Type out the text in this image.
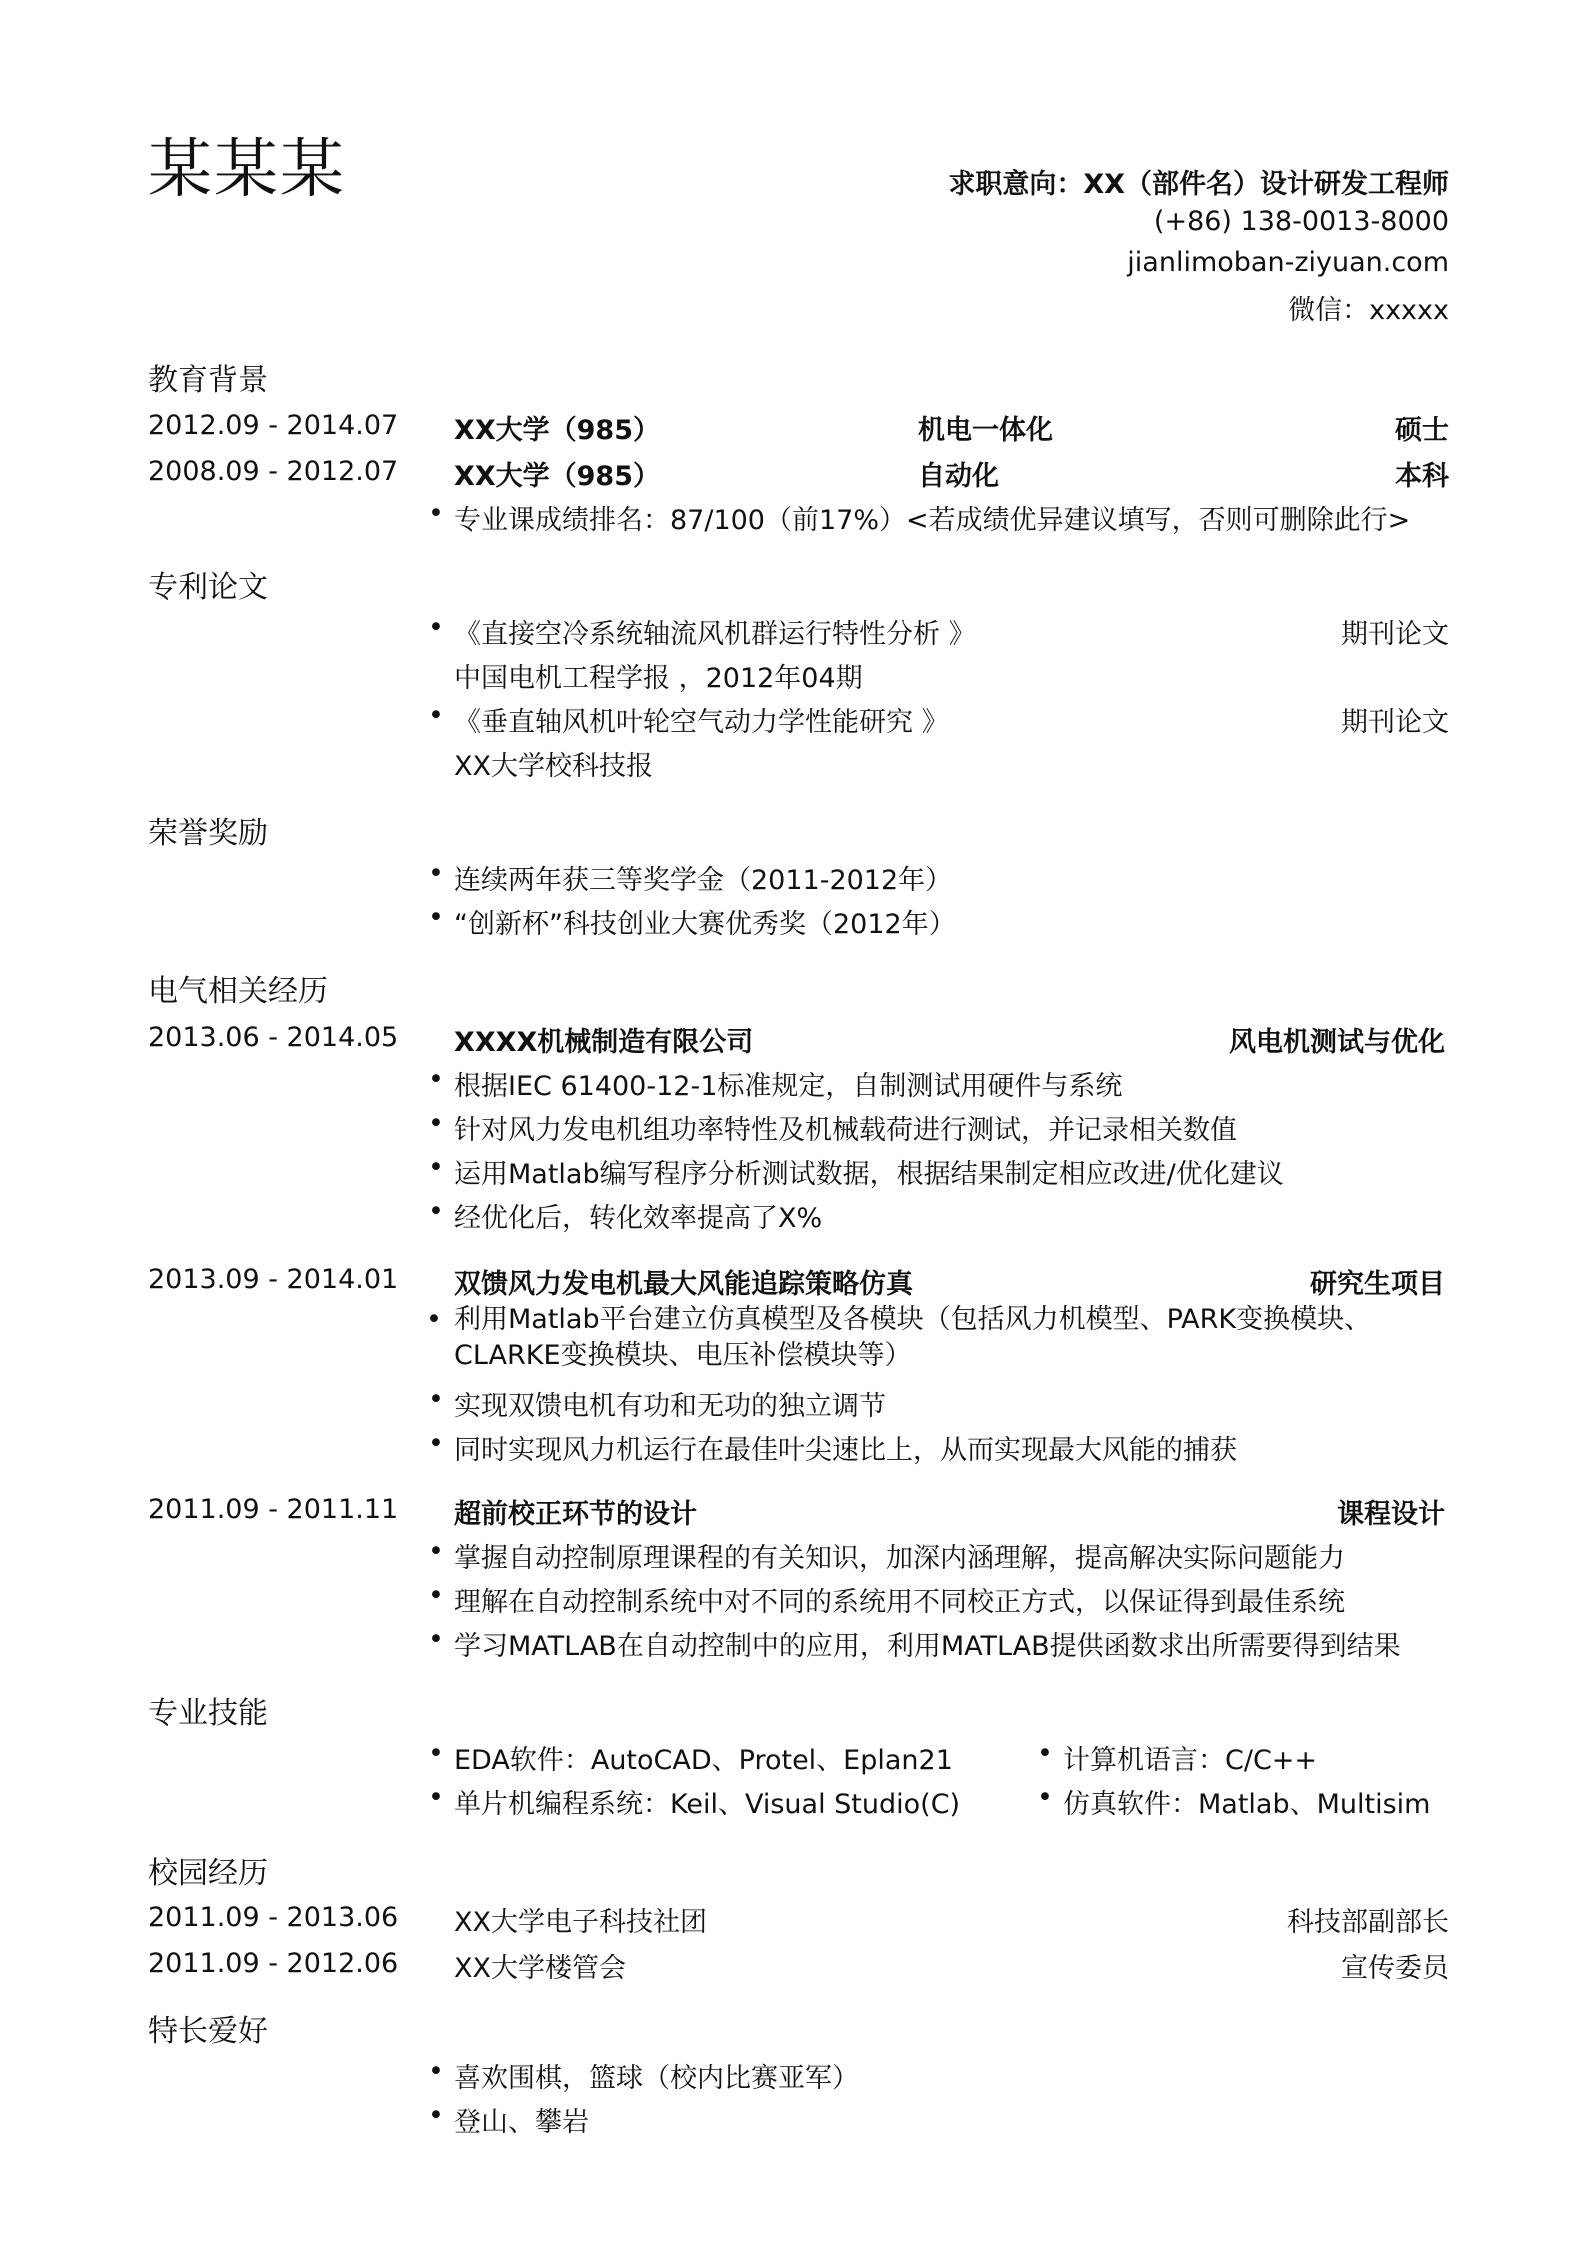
某某某	求职意向：XX（部件名）设计研发工程师
(+86) 138-0013-8000
jianlimoban-ziyuan.com
微信：xxxxx
教育背景
2012.09 - 2014.07 XX大学（985）	机电一体化	硕士
2008.09 - 2012.07 XX大学（985）	自动化	本科
• 专业课成绩排名：87/100（前17%）<若成绩优异建议填写，否则可删除此行>
专利论文
• 《直接空冷系统轴流风机群运行特性分析 》	期刊论文
中国电机工程学报 ，2012年04期
• 《垂直轴风机叶轮空气动力学性能研究 》	期刊论文
XX大学校科技报
荣誉奖励
• 连续两年获三等奖学金（2011-2012年）
• “创新杯”科技创业大赛优秀奖（2012年）
电气相关经历
2013.06 - 2014.05 XXXX机械制造有限公司	风电机测试与优化
• 根据IEC 61400-12-1标准规定，自制测试用硬件与系统
• 针对风力发电机组功率特性及机械载荷进行测试，并记录相关数值
• 运用Matlab编写程序分析测试数据，根据结果制定相应改进/优化建议
• 经优化后，转化效率提高了X%
2013.09 - 2014.01 双馈风力发电机最大风能追踪策略仿真	研究生项目
• 利用Matlab平台建立仿真模型及各模块（包括风力机模型、PARK变换模块、CLARKE变换模块、电压补偿模块等）
• 实现双馈电机有功和无功的独立调节
• 同时实现风力机运行在最佳叶尖速比上，从而实现最大风能的捕获
2011.09 - 2011.11 超前校正环节的设计	课程设计
• 掌握自动控制原理课程的有关知识，加深内涵理解，提高解决实际问题能力
• 理解在自动控制系统中对不同的系统用不同校正方式，以保证得到最佳系统
• 学习MATLAB在自动控制中的应用，利用MATLAB提供函数求出所需要得到结果
专业技能
• EDA软件：AutoCAD、Protel、Eplan21
• 单片机编程系统：Keil、Visual Studio(C)
• 计算机语言：C/C++
• 仿真软件：Matlab、Multisim
校园经历
2011.09 - 2013.06 XX大学电子科技社团	科技部副部长
2011.09 - 2012.06 XX大学楼管会	宣传委员
特长爱好
• 喜欢围棋，篮球（校内比赛亚军）
• 登山、攀岩
